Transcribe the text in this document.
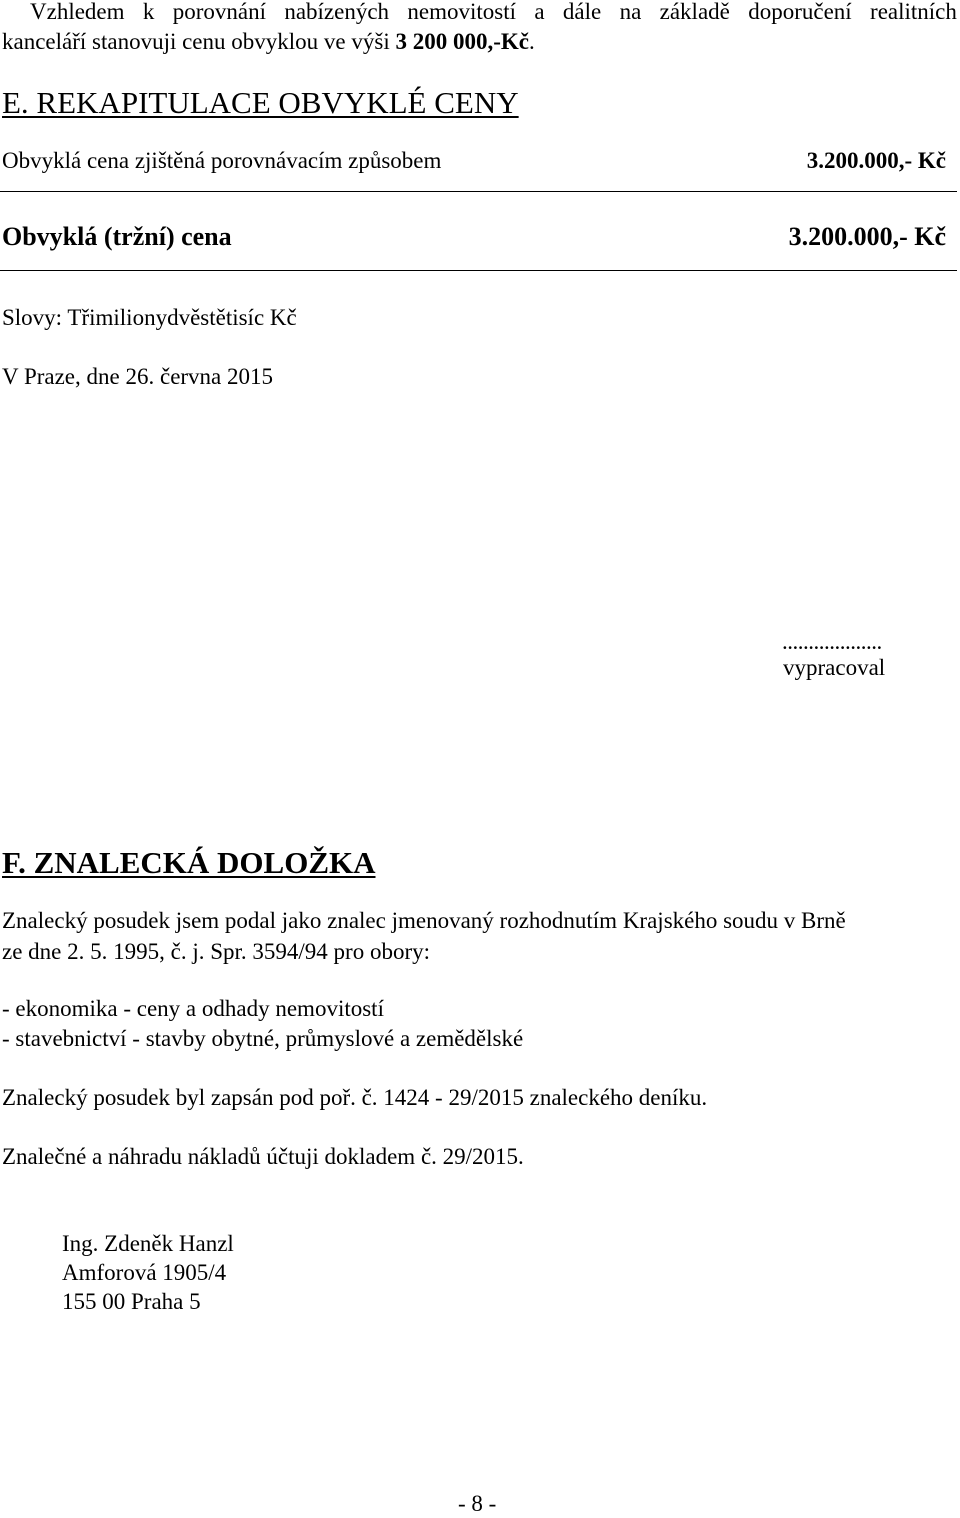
Vzhledem k porovnání nabízených nemovitostí a dále na základě doporučení realitních
kanceláří stanovuji cenu obvyklou ve výši 3 200 000,-Kč.
E. REKAPITULACE OBVYKLÉ CENY
Obvyklá cena zjištěná porovnávacím způsobem	3.200.000,- Kč
Obvyklá (tržní) cena	3.200.000,- Kč
Slovy: Třimilionydvěstětisíc Kč
V Praze, dne 26. června 2015
...................
vypracoval
F. ZNALECKÁ DOLOŽKA
Znalecký posudek jsem podal jako znalec jmenovaný rozhodnutím Krajského soudu v Brně
ze dne 2. 5. 1995, č. j. Spr. 3594/94 pro obory:
- ekonomika - ceny a odhady nemovitostí
- stavebnictví - stavby obytné, průmyslové a zemědělské
Znalecký posudek byl zapsán pod poř. č. 1424 - 29/2015 znaleckého deníku.
Znalečné a náhradu nákladů účtuji dokladem č. 29/2015.
Ing. Zdeněk Hanzl
Amforová 1905/4
155 00 Praha 5
- 8 -
